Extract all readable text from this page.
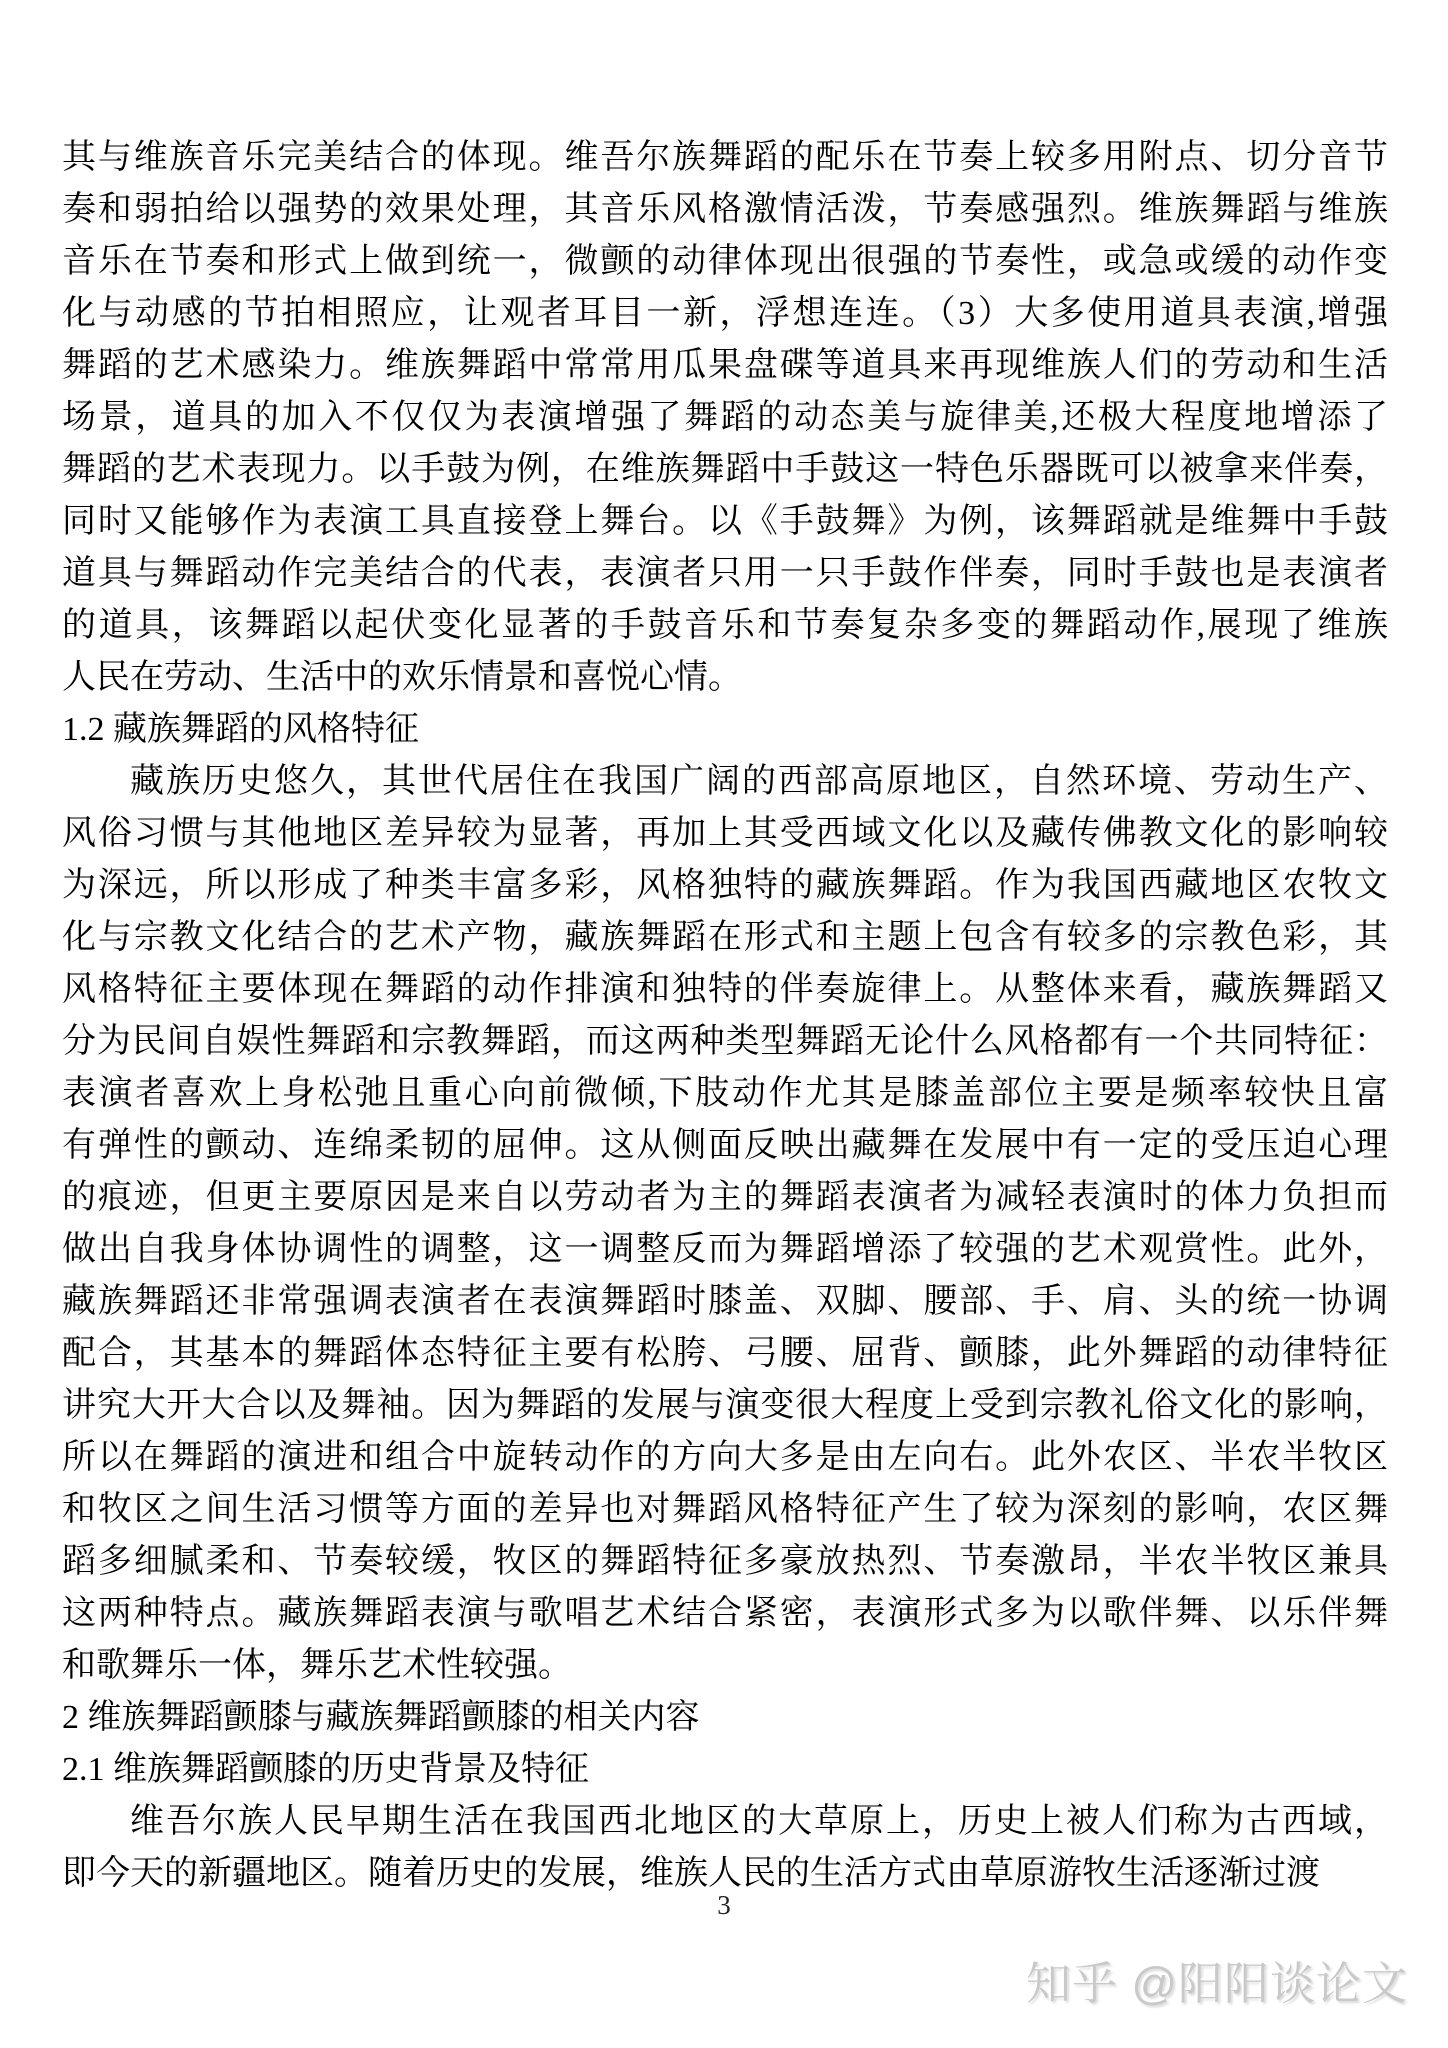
其与维族音乐完美结合的体现。维吾尔族舞蹈的配乐在节奏上较多用附点、切分音节
奏和弱拍给以强势的效果处理，其音乐风格激情活泼，节奏感强烈。维族舞蹈与维族
音乐在节奏和形式上做到统一，微颤的动律体现出很强的节奏性，或急或缓的动作变
化与动感的节拍相照应，让观者耳目一新，浮想连连。（3）大多使用道具表演,增强
舞蹈的艺术感染力。维族舞蹈中常常用瓜果盘碟等道具来再现维族人们的劳动和生活
场景，道具的加入不仅仅为表演增强了舞蹈的动态美与旋律美,还极大程度地增添了
舞蹈的艺术表现力。以手鼓为例，在维族舞蹈中手鼓这一特色乐器既可以被拿来伴奏，
同时又能够作为表演工具直接登上舞台。以《手鼓舞》为例，该舞蹈就是维舞中手鼓
道具与舞蹈动作完美结合的代表，表演者只用一只手鼓作伴奏，同时手鼓也是表演者
的道具，该舞蹈以起伏变化显著的手鼓音乐和节奏复杂多变的舞蹈动作,展现了维族
人民在劳动、生活中的欢乐情景和喜悦心情。
1.2 藏族舞蹈的风格特征
藏族历史悠久，其世代居住在我国广阔的西部高原地区，自然环境、劳动生产、
风俗习惯与其他地区差异较为显著，再加上其受西域文化以及藏传佛教文化的影响较
为深远，所以形成了种类丰富多彩，风格独特的藏族舞蹈。作为我国西藏地区农牧文
化与宗教文化结合的艺术产物，藏族舞蹈在形式和主题上包含有较多的宗教色彩，其
风格特征主要体现在舞蹈的动作排演和独特的伴奏旋律上。从整体来看，藏族舞蹈又
分为民间自娱性舞蹈和宗教舞蹈，而这两种类型舞蹈无论什么风格都有一个共同特征：
表演者喜欢上身松弛且重心向前微倾,下肢动作尤其是膝盖部位主要是频率较快且富
有弹性的颤动、连绵柔韧的屈伸。这从侧面反映出藏舞在发展中有一定的受压迫心理
的痕迹，但更主要原因是来自以劳动者为主的舞蹈表演者为减轻表演时的体力负担而
做出自我身体协调性的调整，这一调整反而为舞蹈增添了较强的艺术观赏性。此外，
藏族舞蹈还非常强调表演者在表演舞蹈时膝盖、双脚、腰部、手、肩、头的统一协调
配合，其基本的舞蹈体态特征主要有松胯、弓腰、屈背、颤膝，此外舞蹈的动律特征
讲究大开大合以及舞袖。因为舞蹈的发展与演变很大程度上受到宗教礼俗文化的影响，
所以在舞蹈的演进和组合中旋转动作的方向大多是由左向右。此外农区、半农半牧区
和牧区之间生活习惯等方面的差异也对舞蹈风格特征产生了较为深刻的影响，农区舞
蹈多细腻柔和、节奏较缓，牧区的舞蹈特征多豪放热烈、节奏激昂，半农半牧区兼具
这两种特点。藏族舞蹈表演与歌唱艺术结合紧密，表演形式多为以歌伴舞、以乐伴舞
和歌舞乐一体，舞乐艺术性较强。
2 维族舞蹈颤膝与藏族舞蹈颤膝的相关内容
2.1 维族舞蹈颤膝的历史背景及特征
维吾尔族人民早期生活在我国西北地区的大草原上，历史上被人们称为古西域，
即今天的新疆地区。随着历史的发展，维族人民的生活方式由草原游牧生活逐渐过渡
3
知乎 @阳阳谈论文
